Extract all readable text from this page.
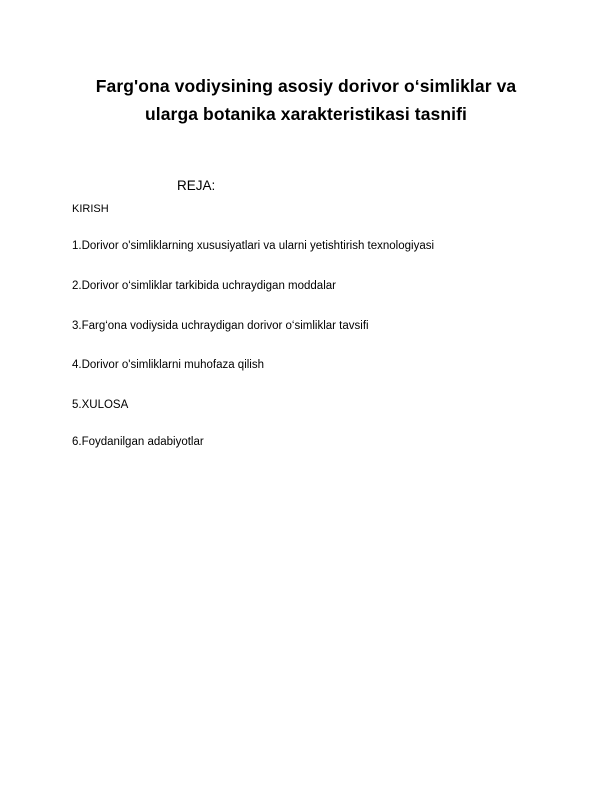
Farg'ona vodiysining asosiy dorivor o‘simliklar va
ularga botanika xarakteristikasi tasnifi
REJA:
KIRISH
1.Dorivor o'simliklarning xususiyatlari va ularni yetishtirish texnologiyasi
2.Dorivor o‘simliklar tarkibida uchraydigan moddalar
3.Farg‘ona vodiysida uchraydigan dorivor o‘simliklar tavsifi
4.Dorivor o'simliklarni muhofaza qilish
5.XULOSA
6.Foydanilgan adabiyotlar
